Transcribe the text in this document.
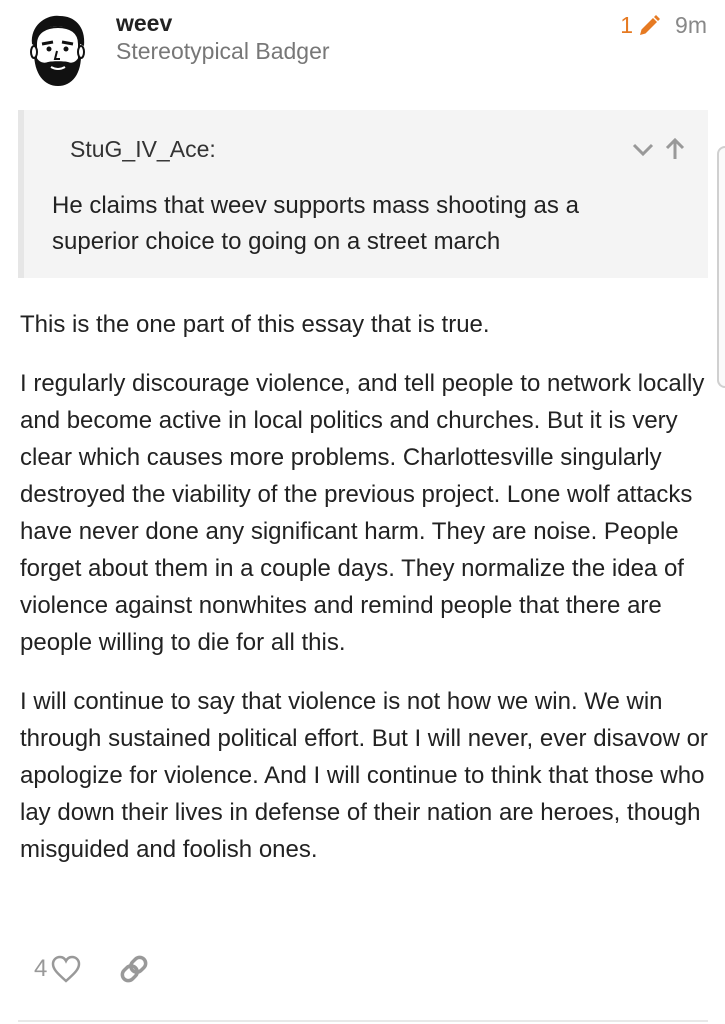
weev
Stereotypical Badger
1 9m
StuG_IV_Ace:
He claims that weev supports mass shooting as a superior choice to going on a street march

This is the one part of this essay that is true.

I regularly discourage violence, and tell people to network locally and become active in local politics and churches. But it is very clear which causes more problems. Charlottesville singularly destroyed the viability of the previous project. Lone wolf attacks have never done any significant harm. They are noise. People forget about them in a couple days. They normalize the idea of violence against nonwhites and remind people that there are people willing to die for all this.

I will continue to say that violence is not how we win. We win through sustained political effort. But I will never, ever disavow or apologize for violence. And I will continue to think that those who lay down their lives in defense of their nation are heroes, though misguided and foolish ones.

4
